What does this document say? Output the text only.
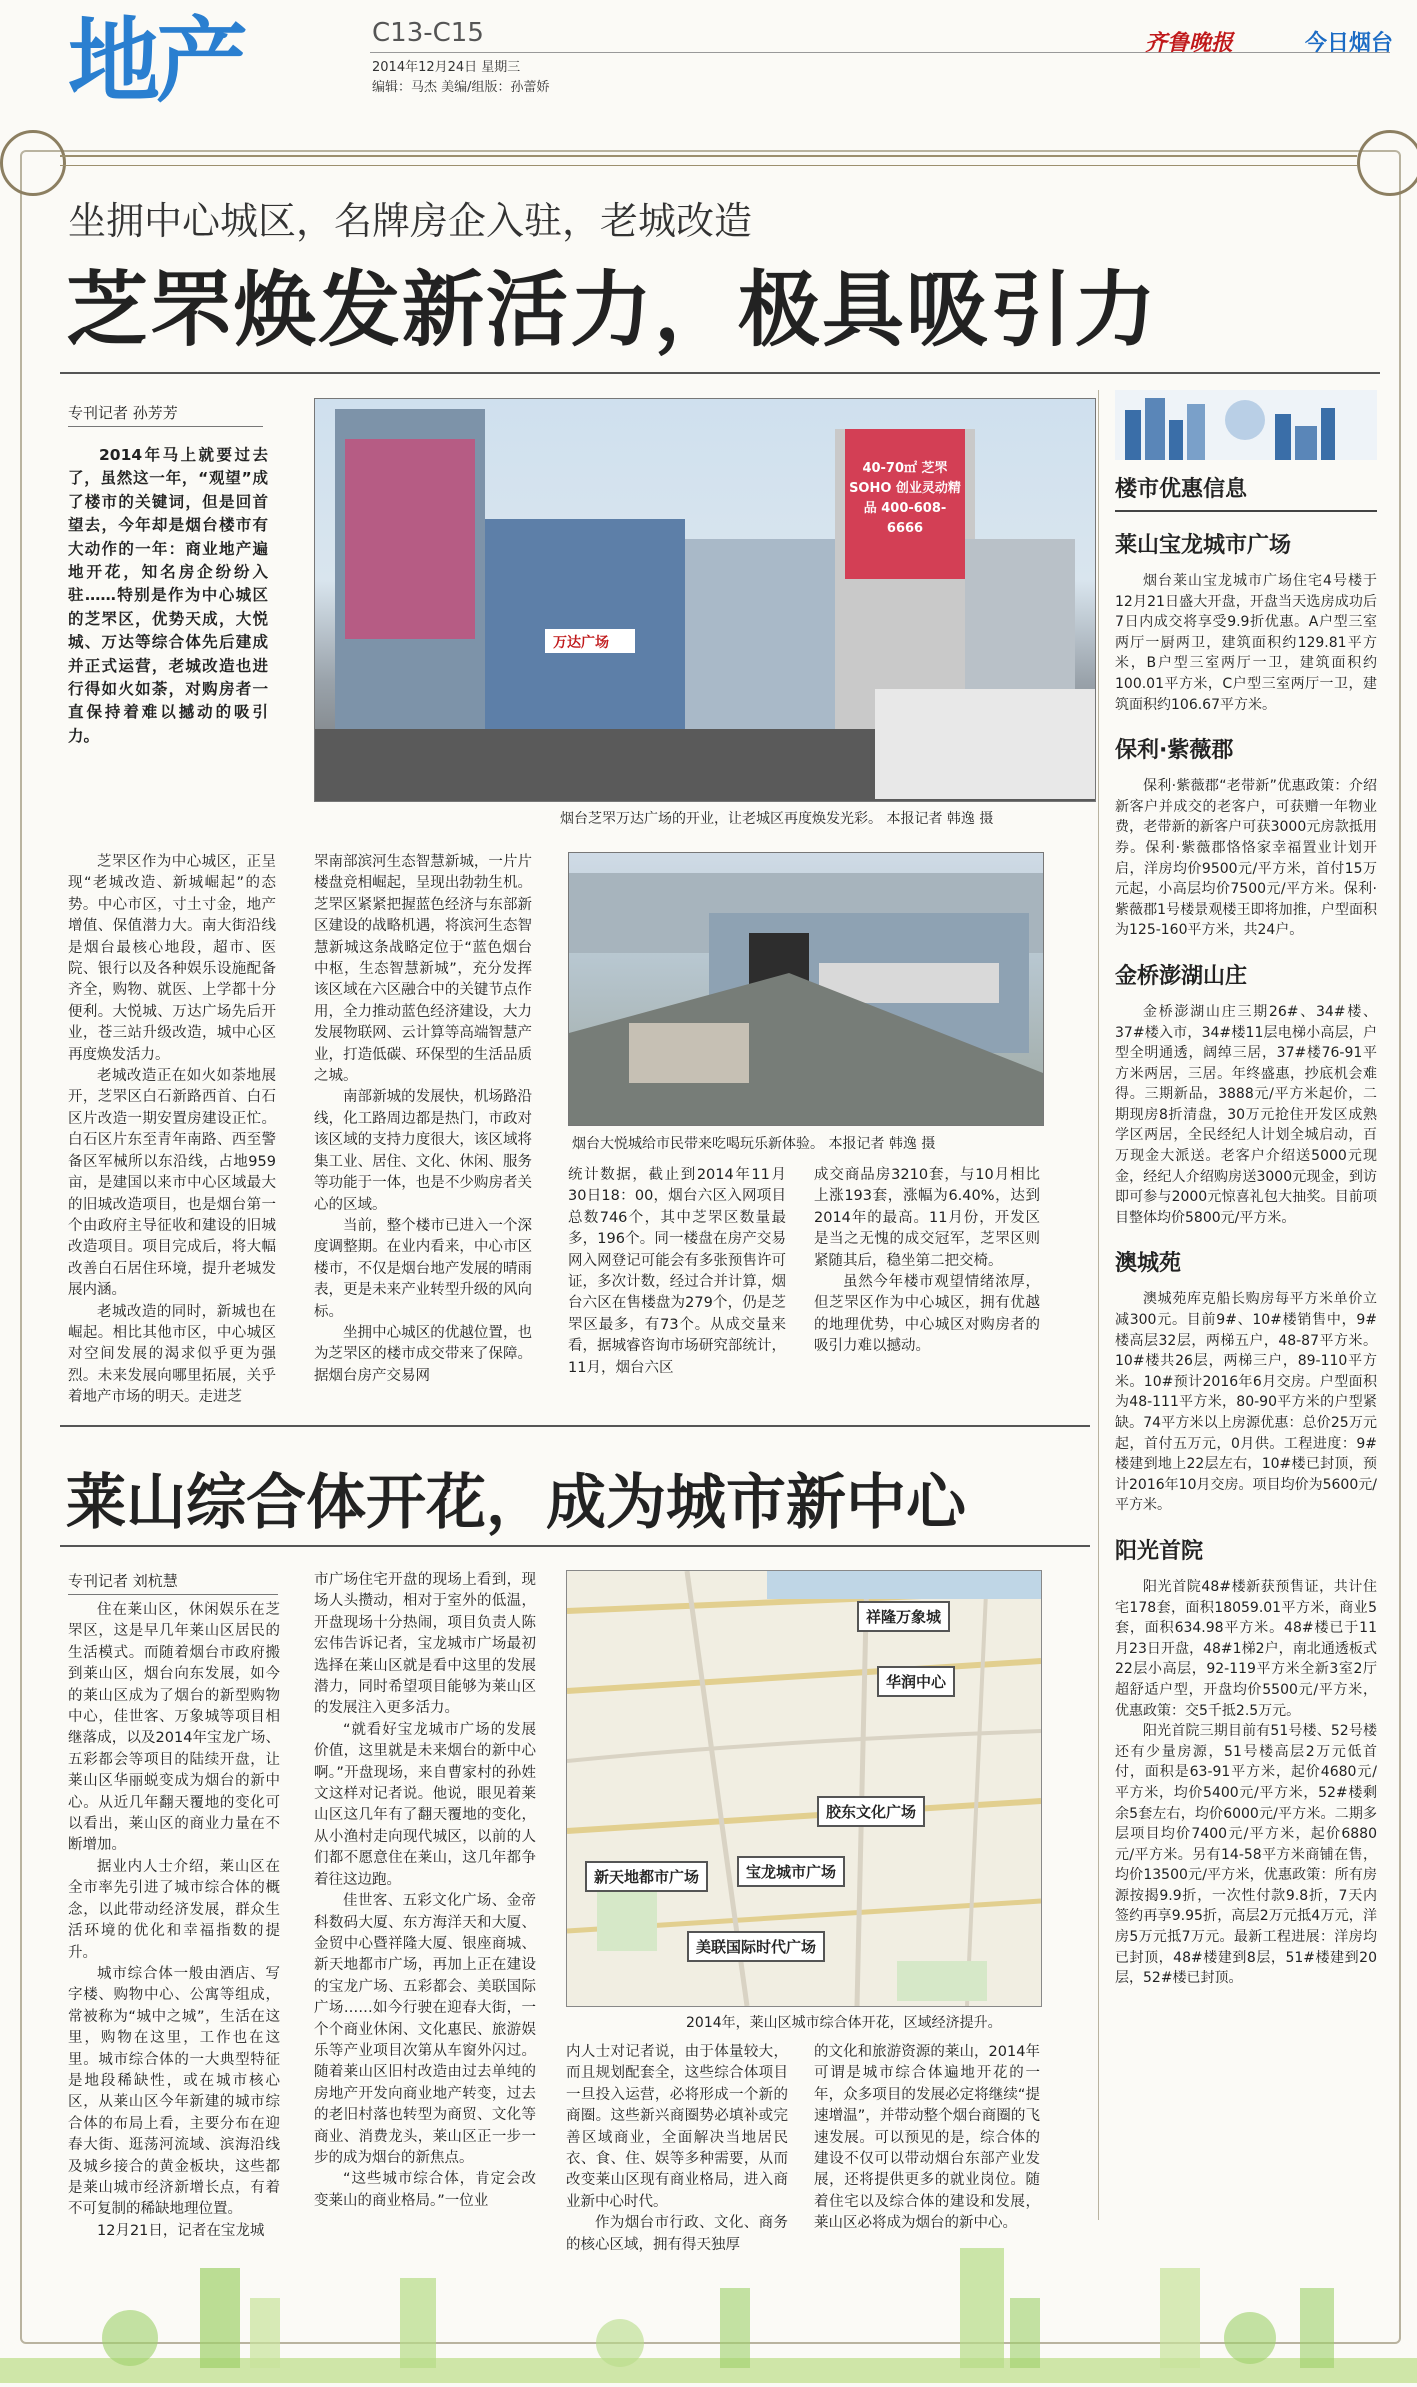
地产	C13-C15
2014年12月24日 星期三
编辑：马杰 美编/组版：孙蕾娇
齐鲁晚报	今日烟台
坐拥中心城区，名牌房企入驻，老城改造
芝罘焕发新活力，极具吸引力
专刊记者 孙芳芳

2014年马上就要过去了，虽然这一年，“观望”成了楼市的关键词，但是回首望去，今年却是烟台楼市有大动作的一年：商业地产遍地开花，知名房企纷纷入驻……特别是作为中心城区的芝罘区，优势天成，大悦城、万达等综合体先后建成并正式运营，老城改造也进行得如火如荼，对购房者一直保持着难以撼动的吸引力。

40-70㎡ 芝罘 SOHO 创业灵动精品 400-608-6666
万达广场
烟台芝罘万达广场的开业，让老城区再度焕发光彩。 本报记者 韩逸 摄

芝罘区作为中心城区，正呈现“老城改造、新城崛起”的态势。中心市区，寸土寸金，地产增值、保值潜力大。南大街沿线是烟台最核心地段，超市、医院、银行以及各种娱乐设施配备齐全，购物、就医、上学都十分便利。大悦城、万达广场先后开业，苍三站升级改造，城中心区再度焕发活力。

老城改造正在如火如荼地展开，芝罘区白石新路西首、白石区片改造一期安置房建设正忙。白石区片东至青年南路、西至警备区军械所以东沿线，占地959亩，是建国以来市中心区域最大的旧城改造项目，也是烟台第一个由政府主导征收和建设的旧城改造项目。项目完成后，将大幅改善白石居住环境，提升老城发展内涵。

老城改造的同时，新城也在崛起。相比其他市区，中心城区对空间发展的渴求似乎更为强烈。未来发展向哪里拓展，关乎着地产市场的明天。走进芝

罘南部滨河生态智慧新城，一片片楼盘竞相崛起，呈现出勃勃生机。芝罘区紧紧把握蓝色经济与东部新区建设的战略机遇，将滨河生态智慧新城这条战略定位于“蓝色烟台中枢，生态智慧新城”，充分发挥该区域在六区融合中的关键节点作用，全力推动蓝色经济建设，大力发展物联网、云计算等高端智慧产业，打造低碳、环保型的生活品质之城。

南部新城的发展快，机场路沿线，化工路周边都是热门，市政对该区域的支持力度很大，该区域将集工业、居住、文化、休闲、服务等功能于一体，也是不少购房者关心的区域。

当前，整个楼市已进入一个深度调整期。在业内看来，中心市区楼市，不仅是烟台地产发展的晴雨表，更是未来产业转型升级的风向标。

坐拥中心城区的优越位置，也为芝罘区的楼市成交带来了保障。据烟台房产交易网

烟台大悦城给市民带来吃喝玩乐新体验。 本报记者 韩逸 摄

统计数据，截止到2014年11月30日18：00，烟台六区入网项目总数746个，其中芝罘区数量最多，196个。同一楼盘在房产交易网入网登记可能会有多张预售许可证，多次计数，经过合并计算，烟台六区在售楼盘为279个，仍是芝罘区最多，有73个。从成交量来看，据城睿咨询市场研究部统计，11月，烟台六区

成交商品房3210套，与10月相比上涨193套，涨幅为6.40%，达到2014年的最高。11月份，开发区是当之无愧的成交冠军，芝罘区则紧随其后，稳坐第二把交椅。

虽然今年楼市观望情绪浓厚，但芝罘区作为中心城区，拥有优越的地理优势，中心城区对购房者的吸引力难以撼动。

楼市优惠信息
莱山宝龙城市广场

烟台莱山宝龙城市广场住宅4号楼于12月21日盛大开盘，开盘当天选房成功后7日内成交将享受9.9折优惠。A户型三室两厅一厨两卫，建筑面积约129.81平方米，B户型三室两厅一卫，建筑面积约100.01平方米，C户型三室两厅一卫，建筑面积约106.67平方米。

保利·紫薇郡

保利·紫薇郡“老带新”优惠政策：介绍新客户并成交的老客户，可获赠一年物业费，老带新的新客户可获3000元房款抵用券。保利·紫薇郡恪恪家幸福置业计划开启，洋房均价9500元/平方米，首付15万元起，小高层均价7500元/平方米。保利·紫薇郡1号楼景观楼王即将加推，户型面积为125-160平方米，共24户。

金桥澎湖山庄

金桥澎湖山庄三期26#、34#楼、37#楼入市，34#楼11层电梯小高层，户型全明通透，阔绰三居，37#楼76-91平方米两居，三居。年终盛惠，抄底机会难得。三期新品，3888元/平方米起价，二期现房8折清盘，30万元抢住开发区成熟学区两居，全民经纪人计划全城启动，百万现金大派送。老客户介绍送5000元现金，经纪人介绍购房送3000元现金，到访即可参与2000元惊喜礼包大抽奖。目前项目整体均价5800元/平方米。

澳城苑

澳城苑库克船长购房每平方米单价立减300元。目前9#、10#楼销售中，9#楼高层32层，两梯五户，48-87平方米。10#楼共26层，两梯三户，89-110平方米。10#预计2016年6月交房。户型面积为48-111平方米，80-90平方米的户型紧缺。74平方米以上房源优惠：总价25万元起，首付五万元，0月供。工程进度：9#楼建到地上22层左右，10#楼已封顶，预计2016年10月交房。项目均价为5600元/平方米。

阳光首院

阳光首院48#楼新获预售证，共计住宅178套，面积18059.01平方米，商业5套，面积634.98平方米。48#楼已于11月23日开盘，48#1梯2户，南北通透板式22层小高层，92-119平方米全新3室2厅超舒适户型，开盘均价5500元/平方米，优惠政策：交5千抵2.5万元。

阳光首院三期目前有51号楼、52号楼还有少量房源，51号楼高层2万元低首付，面积是63-91平方米，起价4680元/平方米，均价5400元/平方米，52#楼剩余5套左右，均价6000元/平方米。二期多层项目均价7400元/平方米，起价6880元/平方米。另有14-58平方米商铺在售，均价13500元/平方米，优惠政策：所有房源按揭9.9折，一次性付款9.8折，7天内签约再享9.95折，高层2万元抵4万元，洋房5万元抵7万元。最新工程进展：洋房均已封顶，48#楼建到8层，51#楼建到20层，52#楼已封顶。

莱山综合体开花，成为城市新中心
专刊记者 刘杭慧

住在莱山区，休闲娱乐在芝罘区，这是早几年莱山区居民的生活模式。而随着烟台市政府搬到莱山区，烟台向东发展，如今的莱山区成为了烟台的新型购物中心，佳世客、万象城等项目相继落成，以及2014年宝龙广场、五彩都会等项目的陆续开盘，让莱山区华丽蜕变成为烟台的新中心。从近几年翻天覆地的变化可以看出，莱山区的商业力量在不断增加。

据业内人士介绍，莱山区在全市率先引进了城市综合体的概念，以此带动经济发展，群众生活环境的优化和幸福指数的提升。

城市综合体一般由酒店、写字楼、购物中心、公寓等组成，常被称为“城中之城”，生活在这里，购物在这里，工作也在这里。城市综合体的一大典型特征是地段稀缺性，或在城市核心区，从莱山区今年新建的城市综合体的布局上看，主要分布在迎春大街、逛荡河流域、滨海沿线及城乡接合的黄金板块，这些都是莱山城市经济新增长点，有着不可复制的稀缺地理位置。

12月21日，记者在宝龙城

市广场住宅开盘的现场上看到，现场人头攒动，相对于室外的低温，开盘现场十分热闹，项目负责人陈宏伟告诉记者，宝龙城市广场最初选择在莱山区就是看中这里的发展潜力，同时希望项目能够为莱山区的发展注入更多活力。

“就看好宝龙城市广场的发展价值，这里就是未来烟台的新中心啊。”开盘现场，来自曹家村的孙姓文这样对记者说。他说，眼见着莱山区这几年有了翻天覆地的变化，从小渔村走向现代城区，以前的人们都不愿意住在莱山，这几年都争着往这边跑。

佳世客、五彩文化广场、金帝科数码大厦、东方海洋天和大厦、金贸中心暨祥隆大厦、银座商城、新天地都市广场，再加上正在建设的宝龙广场、五彩都会、美联国际广场……如今行驶在迎春大街，一个个商业休闲、文化惠民、旅游娱乐等产业项目次第从车窗外闪过。随着莱山区旧村改造由过去单纯的房地产开发向商业地产转变，过去的老旧村落也转型为商贸、文化等商业、消费龙头，莱山区正一步一步的成为烟台的新焦点。

“这些城市综合体，肯定会改变莱山的商业格局。”一位业

祥隆万象城
华润中心
胶东文化广场
新天地都市广场	宝龙城市广场
美联国际时代广场
2014年，莱山区城市综合体开花，区域经济提升。

内人士对记者说，由于体量较大，而且规划配套全，这些综合体项目一旦投入运营，必将形成一个新的商圈。这些新兴商圈势必填补或完善区域商业，全面解决当地居民衣、食、住、娱等多种需要，从而改变莱山区现有商业格局，进入商业新中心时代。

作为烟台市行政、文化、商务的核心区域，拥有得天独厚

的文化和旅游资源的莱山，2014年可谓是城市综合体遍地开花的一年，众多项目的发展必定将继续“提速增温”，并带动整个烟台商圈的飞速发展。可以预见的是，综合体的建设不仅可以带动烟台东部产业发展，还将提供更多的就业岗位。随着住宅以及综合体的建设和发展，莱山区必将成为烟台的新中心。
